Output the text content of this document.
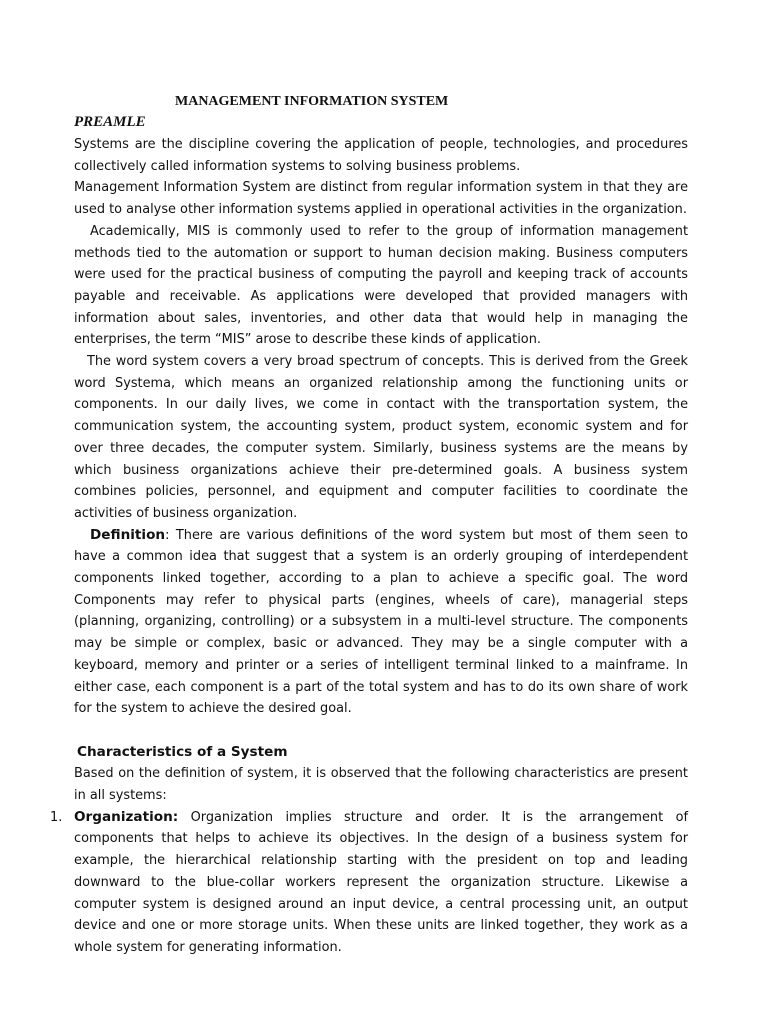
MANAGEMENT INFORMATION SYSTEM
PREAMLE

Systems are the discipline covering the application of people, technologies, and procedures collectively called information systems to solving business problems.

Management Information System are distinct from regular information system in that they are used to analyse other information systems applied in operational activities in the organization.

Academically, MIS is commonly used to refer to the group of information management methods tied to the automation or support to human decision making. Business computers were used for the practical business of computing the payroll and keeping track of accounts payable and receivable. As applications were developed that provided managers with information about sales, inventories, and other data that would help in managing the enterprises, the term “MIS” arose to describe these kinds of application.

The word system covers a very broad spectrum of concepts. This is derived from the Greek word Systema, which means an organized relationship among the functioning units or components. In our daily lives, we come in contact with the transportation system, the communication system, the accounting system, product system, economic system and for over three decades, the computer system. Similarly, business systems are the means by which business organizations achieve their pre-determined goals. A business system combines policies, personnel, and equipment and computer facilities to coordinate the activities of business organization.

Definition: There are various definitions of the word system but most of them seen to have a common idea that suggest that a system is an orderly grouping of interdependent components linked together, according to a plan to achieve a specific goal. The word Components may refer to physical parts (engines, wheels of care), managerial steps (planning, organizing, controlling) or a subsystem in a multi-level structure. The components may be simple or complex, basic or advanced. They may be a single computer with a keyboard, memory and printer or a series of intelligent terminal linked to a mainframe. In either case, each component is a part of the total system and has to do its own share of work for the system to achieve the desired goal.

Characteristics of a System

Based on the definition of system, it is observed that the following characteristics are present in all systems:

1. Organization: Organization implies structure and order. It is the arrangement of components that helps to achieve its objectives. In the design of a business system for example, the hierarchical relationship starting with the president on top and leading downward to the blue-collar workers represent the organization structure. Likewise a computer system is designed around an input device, a central processing unit, an output device and one or more storage units. When these units are linked together, they work as a whole system for generating information.
